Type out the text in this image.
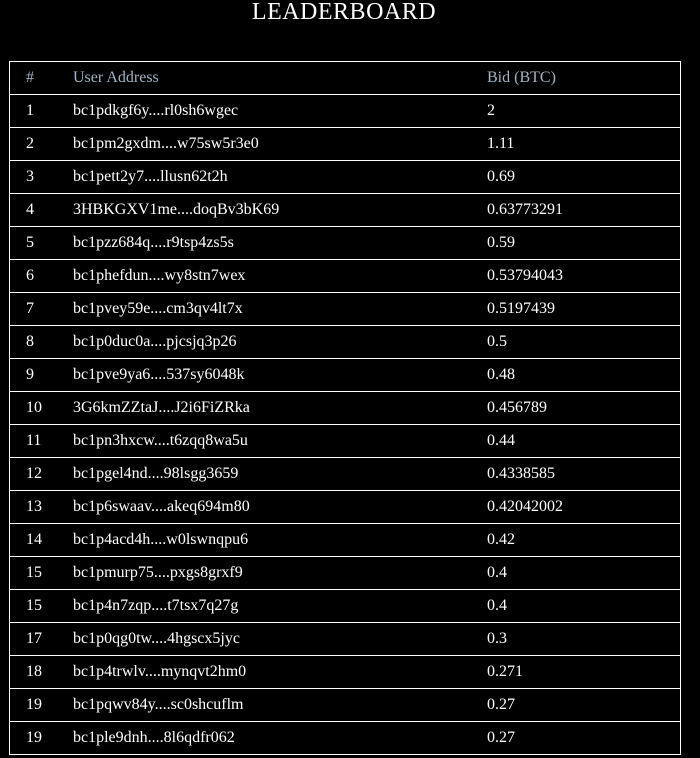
LEADERBOARD
# User Address	Bid (BTC)
1 bc1pdkgf6y....rl0sh6wgec	2
2 bc1pm2gxdm....w75sw5r3e0	1.11
3 bc1pett2y7....llusn62t2h	0.69
4 3HBKGXV1me....doqBv3bK69	0.63773291
5 bc1pzz684q....r9tsp4zs5s	0.59
6 bc1phefdun....wy8stn7wex	0.53794043
7 bc1pvey59e....cm3qv4lt7x	0.5197439
8 bc1p0duc0a....pjcsjq3p26	0.5
9 bc1pve9ya6....537sy6048k	0.48
10 3G6kmZZtaJ....J2i6FiZRka	0.456789
11 bc1pn3hxcw....t6zqq8wa5u	0.44
12 bc1pgel4nd....98lsgg3659	0.4338585
13 bc1p6swaav....akeq694m80	0.42042002
14 bc1p4acd4h....w0lswnqpu6	0.42
15 bc1pmurp75....pxgs8grxf9	0.4
15 bc1p4n7zqp....t7tsx7q27g	0.4
17 bc1p0qg0tw....4hgscx5jyc	0.3
18 bc1p4trwlv....mynqvt2hm0	0.271
19 bc1pqwv84y....sc0shcuflm	0.27
19 bc1ple9dnh....8l6qdfr062	0.27
